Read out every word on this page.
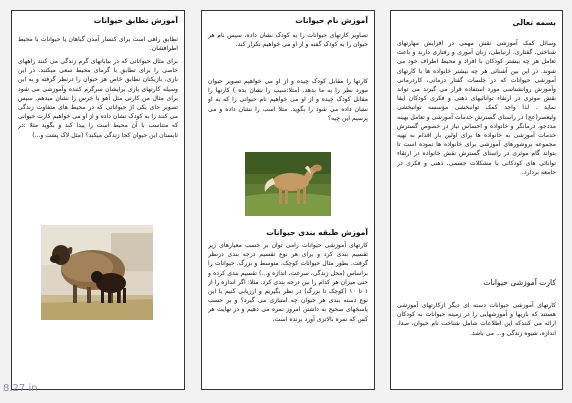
آموزش تطابق حیوانات

تطابق راهی است برای کنسار آمدن گیاهان یا حیوانات با محیط اطرافشان.

برای مثال حیواناتی که در بیابانهای گرم زندگی می کنند راههای خاصی را برای تطابق با گرمای محیط سعی میکنند. در این بازی، بازیکنان تطابق خاص هر حیوان را درنظر گرفته و به این وسیله کارتهای بازی برایشان سرگرم کننده وآموزشی می شود برای مثال من کارتی مثل آهو یا خرس را نشان میدهم. سپس تصویر جای یکی از حیواناتی که در محیط های متفاوت زندگی می کنند را به کودک نشان داده و از او می خواهیم کارت حیوانی که متناسب با آن محیط است را پیدا کند و بگوید مثلا :در تابستان این حیوان کجا زندگی میکند؟ (مثل لاک پشت و...)

آموزش نام حیوانات

تصاویر کارتهای حیوانات را به کودک نشان داده، سپس نام هر حیوان را به کودک گفته و از او می خواهیم تکرار کند.

کارتها را مقابل کودک چیده و از او می خواهیم تصویر حیوان مورد نظر را به ما بدهد. (مثلا:سیب را نشان بده ) کارتها را مقابل کودک چیده و از او می خواهیم نام حیوانی را که به او نشان داده می شود را بگوید. مثلا اسب را نشان داده و می پرسیم این چیه؟

آموزش طبقه بندی حیوانات

کارتهای آموزشی حیوانات رامی توان بر حسب معیارهای زیر تقسیم بندی کرد و برای هر نوع تقسیم درجه بندی درنظر گرفت. بطور مثال حیوانات کوچک، متوسط و بزرگ. حیوانات را براساس (محل زندگی، سرعت، اندازه و...) تقسیم بندی کرده و حتی میزان هر کدام را بین درجه بندی کرد. مثلا: اگر اندازه را از ۱ تا ۱۰ (کوچک تا بزرگ) در نظر بگیریم و ارزیابی کنیم با این نوع دسته بندی هر حیوان چه امتیازی می گیرد؟ و بر حسب پاسخهای صحیح به داشتن امروز نمره می دهیم و در نهایت هر کس که نمره بالاتری آورد برنده است.

بسمه تعالی

وسائل کمک آموزشی نقش مهمی در افزایش مهارتهای شناختی، گفتاری، ارتباطی، زبان آموزی و رفتاری دارند و باعث تعامل هر چه بیشتر کودکان با افراد و محیط اطراف خود می شوند. در این بین آشنائی هر چه بیشتر خانواده ها با کارتهای آموزشی حیوانات که در جلسات گفتار درمانی، کاردرمانی وآموزش روانشناسی مورد استفاده قرار می گیرند می تواند نقش موثری در ارتقاء توانائیهای ذهنی و فکری کودکان ایفا نماید . لذا واحد کمک توانبخشی مؤسسه توانبخشی ولیعصر(عج) در راستای گسترش خدمات آموزشی و تعامل بهینه مددجو، درمانگر و خانواده و احساس نیاز در خصوص گسترش خدمات آموزشی به خانواده ها برای اولین بار اقدام به تهیه مجموعه بروشورهای آموزشی برای خانواده ها نموده است تا بتواند گام موثری در راستای گسترش نقش خانواده در ارتقاء توانائی های کودکانی با مشکلات جسمی، ذهنی و فکری در جامعه بردارد.

کارت آموزشی حیوانات

کارتهای آموزشی حیوانات دسته ای دیگر ازکارتهای آموزشی هستند که بازیها و آموزشهایی را در زمینه حیوانات به کودکان ارائه می کنندکه این اطلاعات شامل شناخت نام حیوان، صدا، اندازه، شیوه زندگی و... می باشد.

8.27 in
